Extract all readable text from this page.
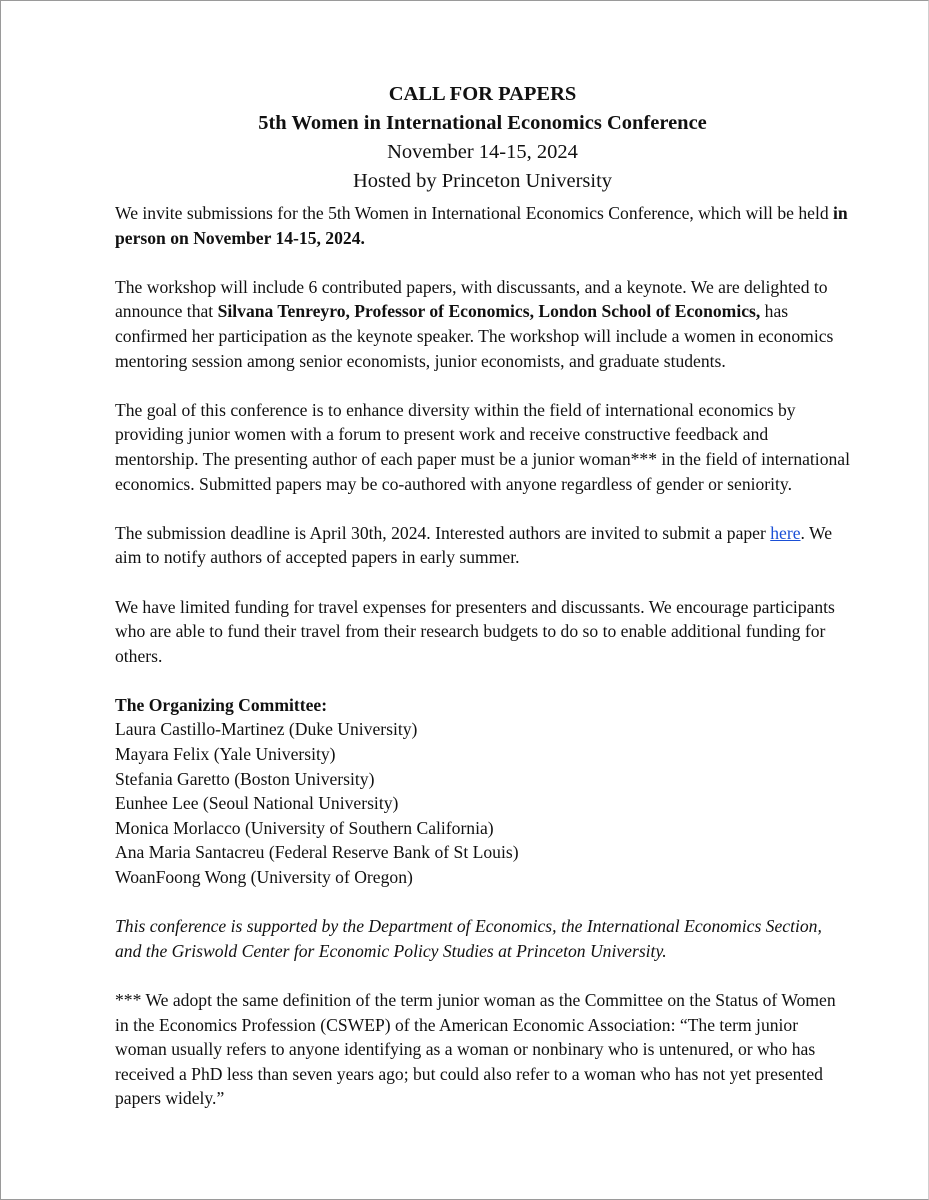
CALL FOR PAPERS
5th Women in International Economics Conference
November 14-15, 2024
Hosted by Princeton University

We invite submissions for the 5th Women in International Economics Conference, which will be held in person on November 14-15, 2024.

The workshop will include 6 contributed papers, with discussants, and a keynote. We are delighted to announce that Silvana Tenreyro, Professor of Economics, London School of Economics, has confirmed her participation as the keynote speaker. The workshop will include a women in economics mentoring session among senior economists, junior economists, and graduate students.

The goal of this conference is to enhance diversity within the field of international economics by providing junior women with a forum to present work and receive constructive feedback and mentorship. The presenting author of each paper must be a junior woman*** in the field of international economics. Submitted papers may be co-authored with anyone regardless of gender or seniority.

The submission deadline is April 30th, 2024. Interested authors are invited to submit a paper here. We aim to notify authors of accepted papers in early summer.

We have limited funding for travel expenses for presenters and discussants. We encourage participants who are able to fund their travel from their research budgets to do so to enable additional funding for others.

The Organizing Committee:
Laura Castillo-Martinez (Duke University)
Mayara Felix (Yale University)
Stefania Garetto (Boston University)
Eunhee Lee (Seoul National University)
Monica Morlacco (University of Southern California)
Ana Maria Santacreu (Federal Reserve Bank of St Louis)
WoanFoong Wong (University of Oregon)

This conference is supported by the Department of Economics, the International Economics Section, and the Griswold Center for Economic Policy Studies at Princeton University.

*** We adopt the same definition of the term junior woman as the Committee on the Status of Women in the Economics Profession (CSWEP) of the American Economic Association: “The term junior woman usually refers to anyone identifying as a woman or nonbinary who is untenured, or who has received a PhD less than seven years ago; but could also refer to a woman who has not yet presented papers widely.”
